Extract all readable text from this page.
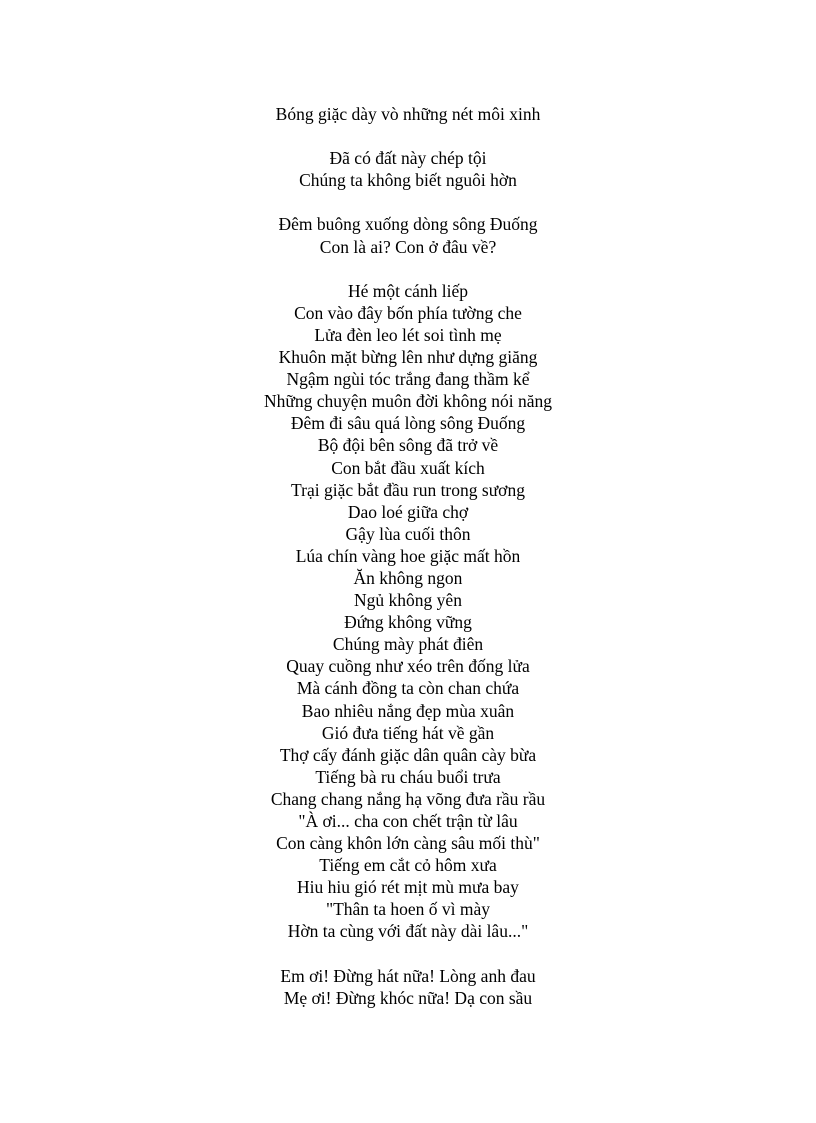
Bóng giặc dày vò những nét môi xinh
Đã có đất này chép tội
Chúng ta không biết nguôi hờn
Đêm buông xuống dòng sông Đuống
Con là ai? Con ở đâu về?
Hé một cánh liếp
Con vào đây bốn phía tường che
Lửa đèn leo lét soi tình mẹ
Khuôn mặt bừng lên như dựng giăng
Ngậm ngùi tóc trắng đang thầm kể
Những chuyện muôn đời không nói năng
Đêm đi sâu quá lòng sông Đuống
Bộ đội bên sông đã trở về
Con bắt đầu xuất kích
Trại giặc bắt đầu run trong sương
Dao loé giữa chợ
Gậy lùa cuối thôn
Lúa chín vàng hoe giặc mất hồn
Ăn không ngon
Ngủ không yên
Đứng không vững
Chúng mày phát điên
Quay cuồng như xéo trên đống lửa
Mà cánh đồng ta còn chan chứa
Bao nhiêu nắng đẹp mùa xuân
Gió đưa tiếng hát về gần
Thợ cấy đánh giặc dân quân cày bừa
Tiếng bà ru cháu buổi trưa
Chang chang nắng hạ võng đưa rầu rầu
"À ơi... cha con chết trận từ lâu
Con càng khôn lớn càng sâu mối thù"
Tiếng em cắt cỏ hôm xưa
Hiu hiu gió rét mịt mù mưa bay
"Thân ta hoen ố vì mày
Hờn ta cùng với đất này dài lâu..."
Em ơi! Đừng hát nữa! Lòng anh đau
Mẹ ơi! Đừng khóc nữa! Dạ con sầu
